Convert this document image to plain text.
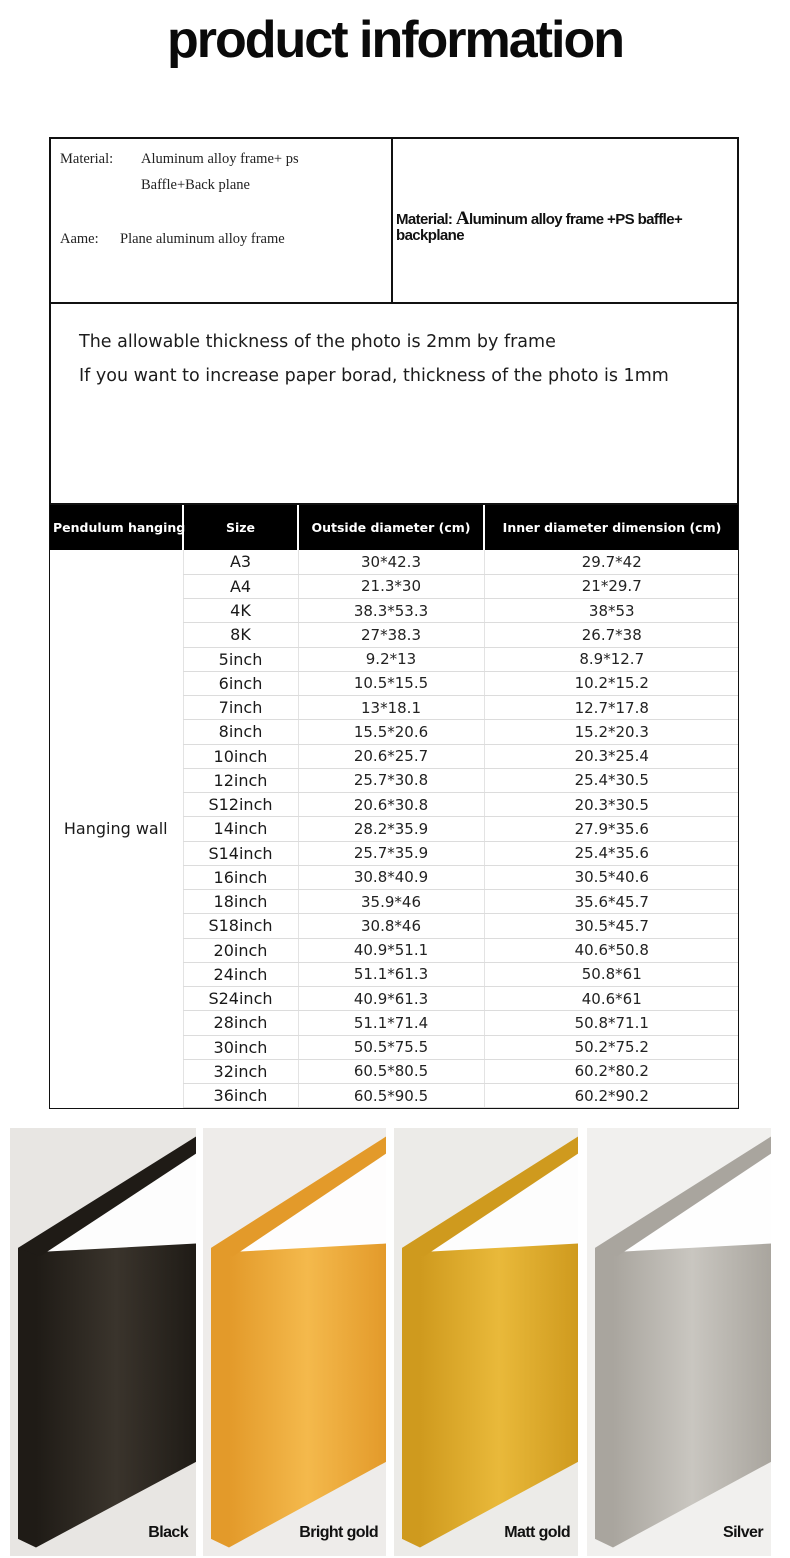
product information
Material: Aluminum alloy frame+ ps
Baffle+Back plane
Aame: Plane aluminum alloy frame
Material: Aluminum alloy frame +PS baffle+ backplane

The allowable thickness of the photo is 2mm by frame

If you want to increase paper borad, thickness of the photo is 1mm

Pendulum hanging	Size	Outside diameter (cm)	Inner diameter dimension (cm)
Hanging wall	A3	30*42.3	29.7*42
	A4	21.3*30	21*29.7
	4K	38.3*53.3	38*53
	8K	27*38.3	26.7*38
	5inch	9.2*13	8.9*12.7
	6inch	10.5*15.5	10.2*15.2
	7inch	13*18.1	12.7*17.8
	8inch	15.5*20.6	15.2*20.3
	10inch	20.6*25.7	20.3*25.4
	12inch	25.7*30.8	25.4*30.5
	S12inch	20.6*30.8	20.3*30.5
	14inch	28.2*35.9	27.9*35.6
	S14inch	25.7*35.9	25.4*35.6
	16inch	30.8*40.9	30.5*40.6
	18inch	35.9*46	35.6*45.7
	S18inch	30.8*46	30.5*45.7
	20inch	40.9*51.1	40.6*50.8
	24inch	51.1*61.3	50.8*61
	S24inch	40.9*61.3	40.6*61
	28inch	51.1*71.4	50.8*71.1
	30inch	50.5*75.5	50.2*75.2
	32inch	60.5*80.5	60.2*80.2
	36inch	60.5*90.5	60.2*90.2
Black	Bright gold	Matt gold	Silver
